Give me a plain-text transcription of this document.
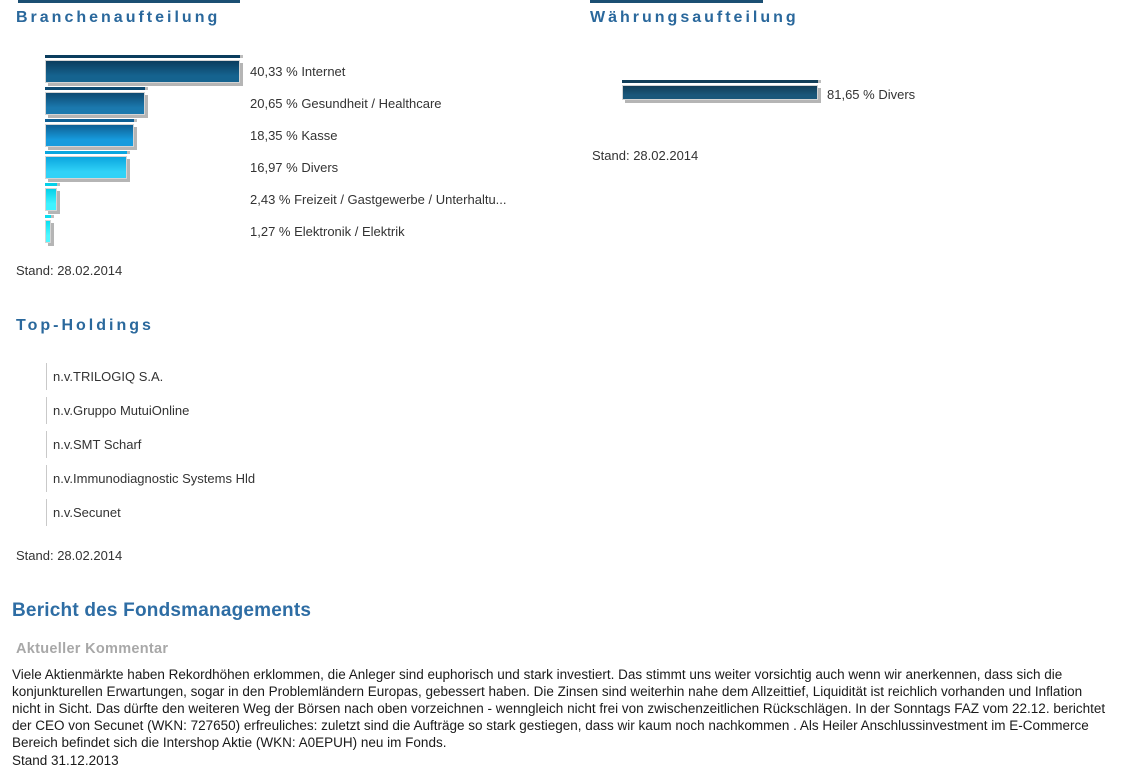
Branchenaufteilung
40,33 % Internet
20,65 % Gesundheit / Healthcare
18,35 % Kasse
16,97 % Divers
2,43 % Freizeit / Gastgewerbe / Unterhaltu...
1,27 % Elektronik / Elektrik
Stand: 28.02.2014
Währungsaufteilung
81,65 % Divers
Stand: 28.02.2014
Top-Holdings
n.v. TRILOGIQ S.A.
n.v. Gruppo MutuiOnline
n.v. SMT Scharf
n.v. Immunodiagnostic Systems Hld
n.v. Secunet
Stand: 28.02.2014
Bericht des Fondsmanagements
Aktueller Kommentar
Viele Aktienmärkte haben Rekordhöhen erklommen, die Anleger sind euphorisch und stark investiert. Das stimmt uns weiter vorsichtig auch wenn wir anerkennen, dass sich die konjunkturellen Erwartungen, sogar in den Problemländern Europas, gebessert haben. Die Zinsen sind weiterhin nahe dem Allzeittief, Liquidität ist reichlich vorhanden und Inflation nicht in Sicht. Das dürfte den weiteren Weg der Börsen nach oben vorzeichnen - wenngleich nicht frei von zwischenzeitlichen Rückschlägen. In der Sonntags FAZ vom 22.12. berichtet der CEO von Secunet (WKN: 727650) erfreuliches: zuletzt sind die Aufträge so stark gestiegen, dass wir kaum noch nachkommen . Als Heiler Anschlussinvestment im E-Commerce Bereich befindet sich die Intershop Aktie (WKN: A0EPUH) neu im Fonds.
Stand 31.12.2013
